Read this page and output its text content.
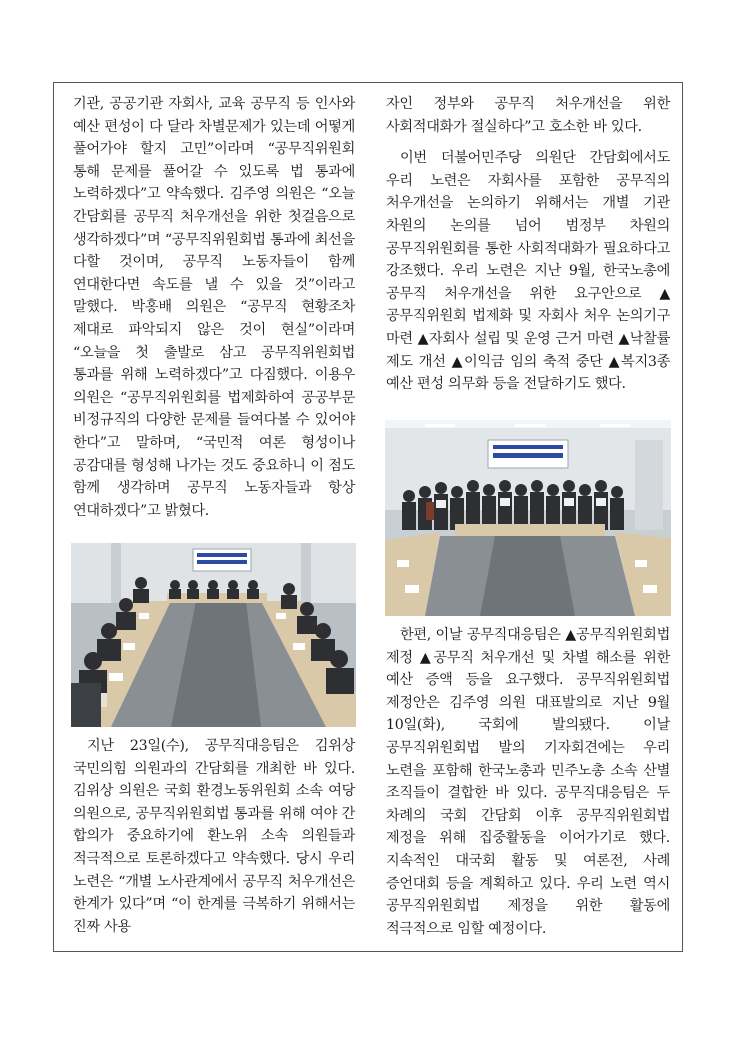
기관, 공공기관 자회사, 교육 공무직 등 인사와 예산 편성이 다 달라 차별문제가 있는데 어떻게 풀어가야 할지 고민”이라며 “공무직위원회 통해 문제를 풀어갈 수 있도록 법 통과에 노력하겠다”고 약속했다. 김주영 의원은 “오늘 간담회를 공무직 처우개선을 위한 첫걸음으로 생각하겠다”며 “공무직위원회법 통과에 최선을 다할 것이며, 공무직 노동자들이 함께 연대한다면 속도를 낼 수 있을 것”이라고 말했다. 박홍배 의원은 “공무직 현황조차 제대로 파악되지 않은 것이 현실”이라며 “오늘을 첫 출발로 삼고 공무직위원회법 통과를 위해 노력하겠다”고 다짐했다. 이용우 의원은 “공무직위원회를 법제화하여 공공부문 비정규직의 다양한 문제를 들여다볼 수 있어야 한다”고 말하며, “국민적 여론 형성이나 공감대를 형성해 나가는 것도 중요하니 이 점도 함께 생각하며 공무직 노동자들과 항상 연대하겠다”고 밝혔다.

지난 23일(수), 공무직대응팀은 김위상 국민의힘 의원과의 간담회를 개최한 바 있다. 김위상 의원은 국회 환경노동위원회 소속 여당 의원으로, 공무직위원회법 통과를 위해 여야 간 합의가 중요하기에 환노위 소속 의원들과 적극적으로 토론하겠다고 약속했다. 당시 우리 노련은 “개별 노사관계에서 공무직 처우개선은 한계가 있다”며 “이 한계를 극복하기 위해서는 진짜 사용

자인 정부와 공무직 처우개선을 위한 사회적대화가 절실하다”고 호소한 바 있다.

이번 더불어민주당 의원단 간담회에서도 우리 노련은 자회사를 포함한 공무직의 처우개선을 논의하기 위해서는 개별 기관 차원의 논의를 넘어 범정부 차원의 공무직위원회를 통한 사회적대화가 필요하다고 강조했다. 우리 노련은 지난 9월, 한국노총에 공무직 처우개선을 위한 요구안으로 ▲공무직위원회 법제화 및 자회사 처우 논의기구 마련 ▲자회사 설립 및 운영 근거 마련 ▲낙찰률 제도 개선 ▲이익금 임의 축적 중단 ▲복지3종 예산 편성 의무화 등을 전달하기도 했다.

한편, 이날 공무직대응팀은 ▲공무직위원회법 제정 ▲공무직 처우개선 및 차별 해소를 위한 예산 증액 등을 요구했다. 공무직위원회법 제정안은 김주영 의원 대표발의로 지난 9월 10일(화), 국회에 발의됐다. 이날 공무직위원회법 발의 기자회견에는 우리 노련을 포함해 한국노총과 민주노총 소속 산별 조직들이 결합한 바 있다. 공무직대응팀은 두 차례의 국회 간담회 이후 공무직위원회법 제정을 위해 집중활동을 이어가기로 했다. 지속적인 대국회 활동 및 여론전, 사례 증언대회 등을 계획하고 있다. 우리 노련 역시 공무직위원회법 제정을 위한 활동에 적극적으로 임할 예정이다.
